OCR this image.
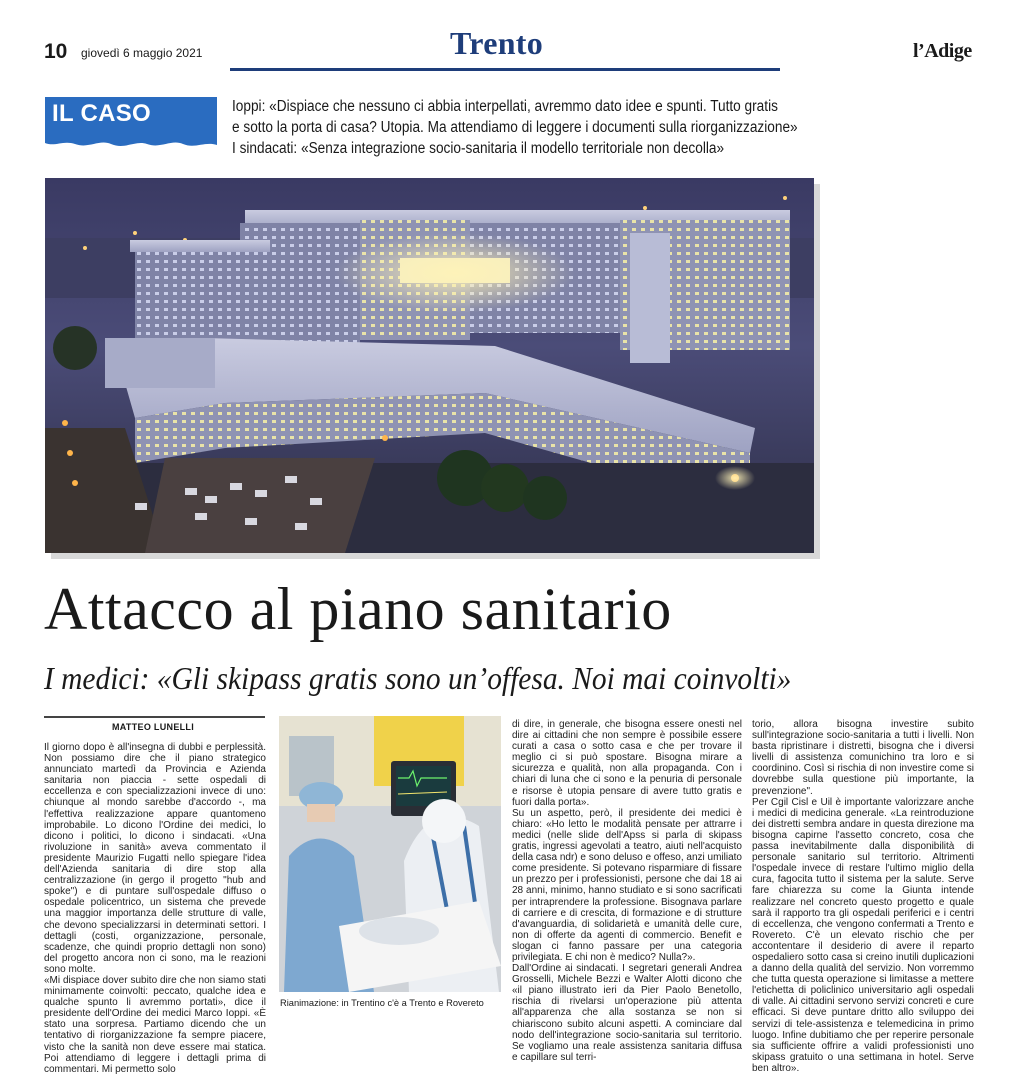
10 giovedì 6 maggio 2021	Trento	l’Adige
IL CASO	Ioppi: «Dispiace che nessuno ci abbia interpellati, avremmo dato idee e spunti. Tutto gratis
e sotto la porta di casa? Utopia. Ma attendiamo di leggere i documenti sulla riorganizzazione»
I sindacati: «Senza integrazione socio-sanitaria il modello territoriale non decolla»
Attacco al piano sanitario
I medici: «Gli skipass gratis sono un’offesa. Noi mai coinvolti»
MATTEO LUNELLI

Il giorno dopo è all'insegna di dubbi e perplessità. Non possiamo dire che il piano strategico annunciato martedì da Provincia e Azienda sanitaria non piaccia - sette ospedali di eccellenza e con specializzazioni invece di uno: chiunque al mondo sarebbe d'accordo -, ma l'effettiva realizzazione appare quantomeno improbabile. Lo dicono l'Ordine dei medici, lo dicono i politici, lo dicono i sindacati. «Una rivoluzione in sanità» aveva commentato il presidente Maurizio Fugatti nello spiegare l'idea dell'Azienda sanitaria di dire stop alla centralizzazione (in gergo il progetto "hub and spoke") e di puntare sull'ospedale diffuso o ospedale policentrico, un sistema che prevede una maggior importanza delle strutture di valle, che devono specializzarsi in determinati settori. I dettagli (costi, organizzazione, personale, scadenze, che quindi proprio dettagli non sono) del progetto ancora non ci sono, ma le reazioni sono molte.

«Mi dispiace dover subito dire che non siamo stati minimamente coinvolti: peccato, qualche idea e qualche spunto li avremmo portati», dice il presidente dell'Ordine dei medici Marco Ioppi. «È stato una sorpresa. Partiamo dicendo che un tentativo di riorganizzazione fa sempre piacere, visto che la sanità non deve essere mai statica. Poi attendiamo di leggere i dettagli prima di commentari. Mi permetto solo

Rianimazione: in Trentino c'è a Trento e Rovereto

di dire, in generale, che bisogna essere onesti nel dire ai cittadini che non sempre è possibile essere curati a casa o sotto casa e che per trovare il meglio ci si può spostare. Bisogna mirare a sicurezza e qualità, non alla propaganda. Con i chiari di luna che ci sono e la penuria di personale e risorse è utopia pensare di avere tutto gratis e fuori dalla porta».

Su un aspetto, però, il presidente dei medici è chiaro: «Ho letto le modalità pensate per attrarre i medici (nelle slide dell'Apss si parla di skipass gratis, ingressi agevolati a teatro, aiuti nell'acquisto della casa ndr) e sono deluso e offeso, anzi umiliato come presidente. Si potevano risparmiare di fissare un prezzo per i professionisti, persone che dai 18 ai 28 anni, minimo, hanno studiato e si sono sacrificati per intraprendere la professione. Bisognava parlare di carriere e di crescita, di formazione e di strutture d'avanguardia, di solidarietà e umanità delle cure, non di offerte da agenti di commercio. Benefit e slogan ci fanno passare per una categoria privilegiata. E chi non è medico? Nulla?».

Dall'Ordine ai sindacati. I segretari generali Andrea Grosselli, Michele Bezzi e Walter Alotti dicono che «il piano illustrato ieri da Pier Paolo Benetollo, rischia di rivelarsi un'operazione più attenta all'apparenza che alla sostanza se non si chiariscono subito alcuni aspetti. A cominciare dal nodo dell'integrazione socio-sanitaria sul territorio. Se vogliamo una reale assistenza sanitaria diffusa e capillare sul terri-

torio, allora bisogna investire subito sull'integrazione socio-sanitaria a tutti i livelli. Non basta ripristinare i distretti, bisogna che i diversi livelli di assistenza comunichino tra loro e si coordinino. Così si rischia di non investire come si dovrebbe sulla questione più importante, la prevenzione".

Per Cgil Cisl e Uil è importante valorizzare anche i medici di medicina generale. «La reintroduzione dei distretti sembra andare in questa direzione ma bisogna capirne l'assetto concreto, cosa che passa inevitabilmente dalla disponibilità di personale sanitario sul territorio. Altrimenti l'ospedale invece di restare l'ultimo miglio della cura, fagocita tutto il sistema per la salute. Serve fare chiarezza su come la Giunta intende realizzare nel concreto questo progetto e quale sarà il rapporto tra gli ospedali periferici e i centri di eccellenza, che vengono confermati a Trento e Rovereto. C'è un elevato rischio che per accontentare il desiderio di avere il reparto ospedaliero sotto casa si creino inutili duplicazioni a danno della qualità del servizio. Non vorremmo che tutta questa operazione si limitasse a mettere l'etichetta di policlinico universitario agli ospedali di valle. Ai cittadini servono servizi concreti e cure efficaci. Si deve puntare dritto allo sviluppo dei servizi di tele-assistenza e telemedicina in primo luogo. Infine dubitiamo che per reperire personale sia sufficiente offrire a validi professionisti uno skipass gratuito o una settimana in hotel. Serve ben altro».
